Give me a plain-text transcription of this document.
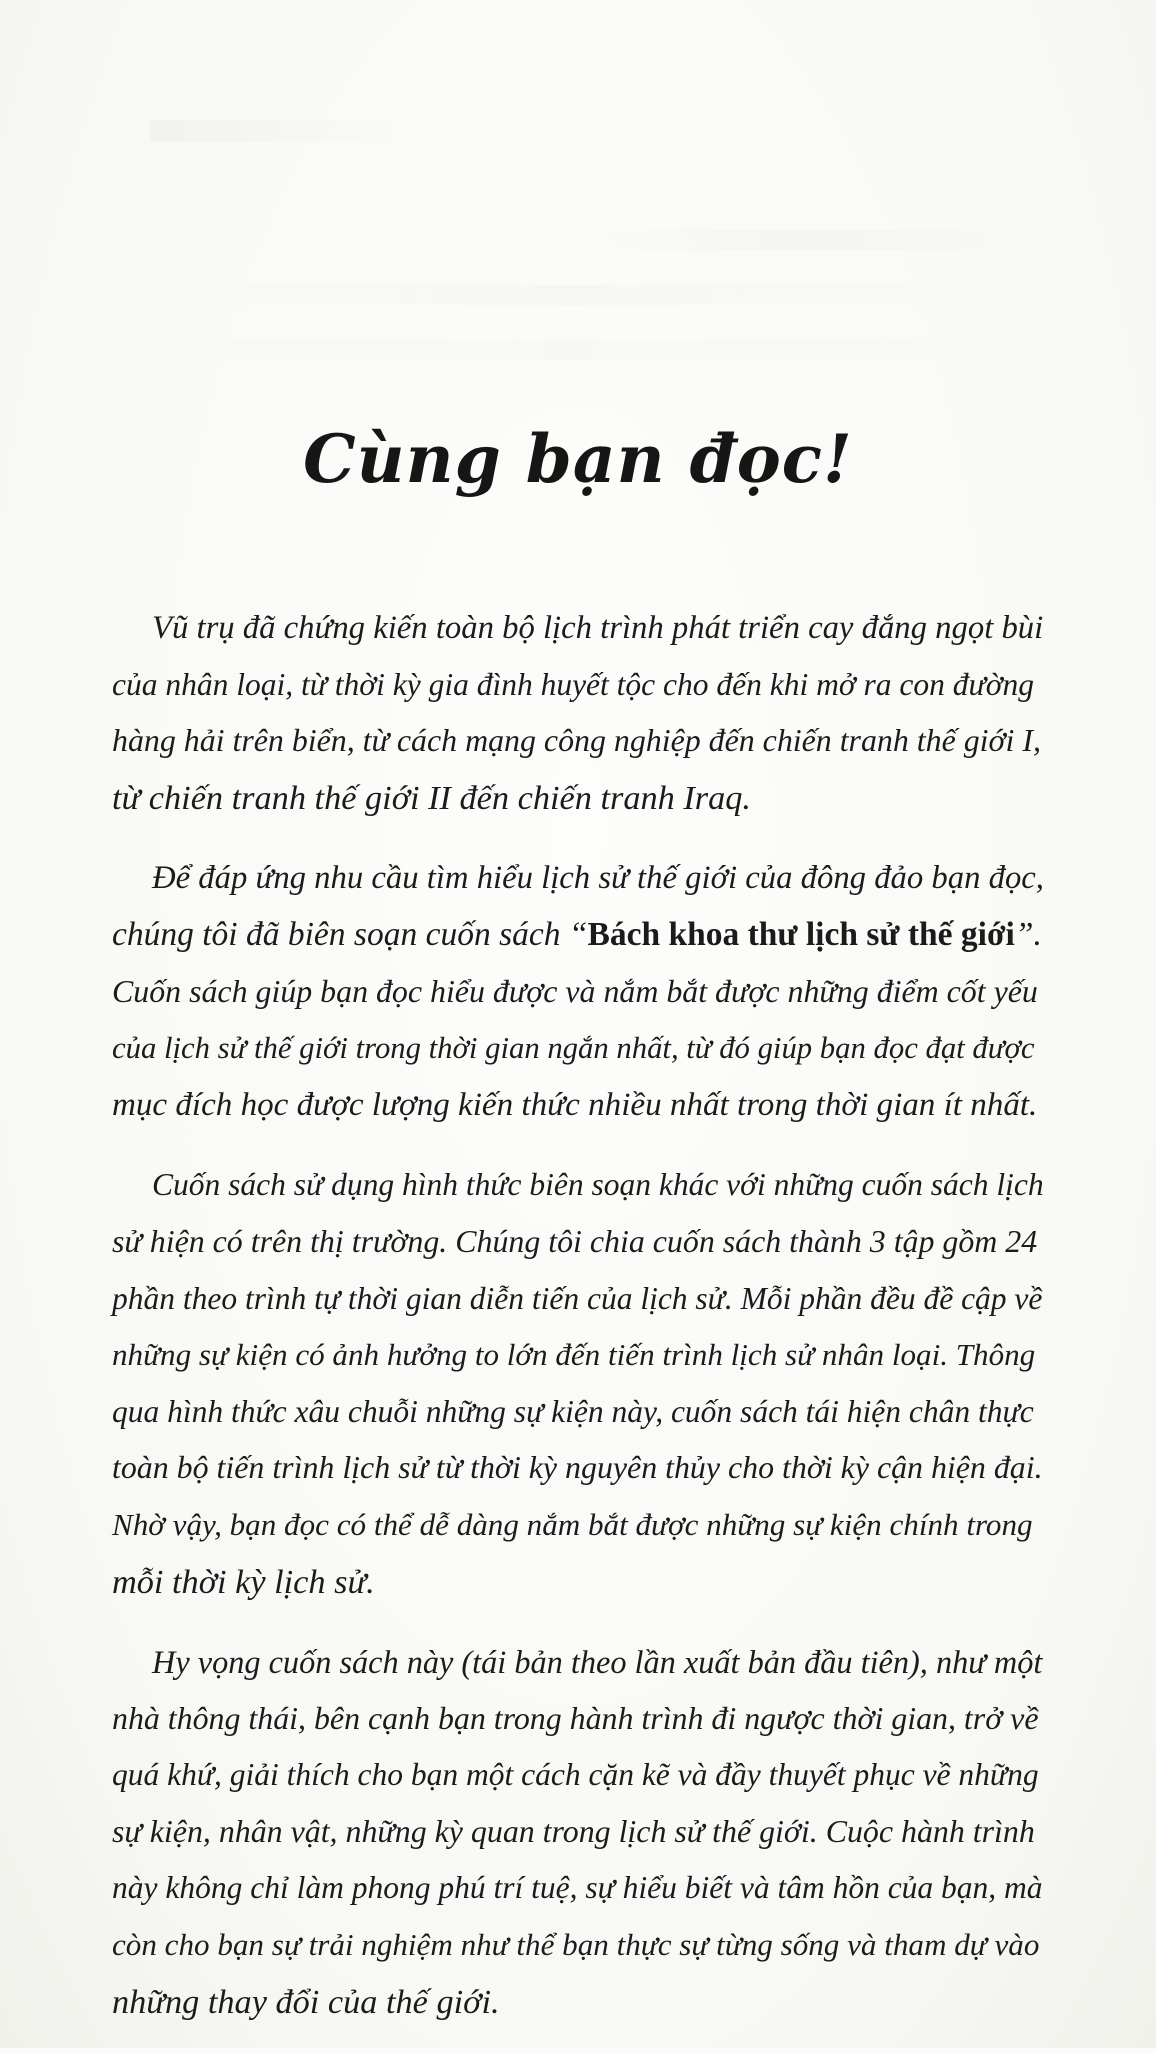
Cùng bạn đọc!

Vũ trụ đã chứng kiến toàn bộ lịch trình phát triển cay đắng ngọt bùi
của nhân loại, từ thời kỳ gia đình huyết tộc cho đến khi mở ra con đường
hàng hải trên biển, từ cách mạng công nghiệp đến chiến tranh thế giới I,
từ chiến tranh thế giới II đến chiến tranh Iraq.

Để đáp ứng nhu cầu tìm hiểu lịch sử thế giới của đông đảo bạn đọc,
chúng tôi đã biên soạn cuốn sách “Bách khoa thư lịch sử thế giới”.
Cuốn sách giúp bạn đọc hiểu được và nắm bắt được những điểm cốt yếu
của lịch sử thế giới trong thời gian ngắn nhất, từ đó giúp bạn đọc đạt được
mục đích học được lượng kiến thức nhiều nhất trong thời gian ít nhất.

Cuốn sách sử dụng hình thức biên soạn khác với những cuốn sách lịch
sử hiện có trên thị trường. Chúng tôi chia cuốn sách thành 3 tập gồm 24
phần theo trình tự thời gian diễn tiến của lịch sử. Mỗi phần đều đề cập về
những sự kiện có ảnh hưởng to lớn đến tiến trình lịch sử nhân loại. Thông
qua hình thức xâu chuỗi những sự kiện này, cuốn sách tái hiện chân thực
toàn bộ tiến trình lịch sử từ thời kỳ nguyên thủy cho thời kỳ cận hiện đại.
Nhờ vậy, bạn đọc có thể dễ dàng nắm bắt được những sự kiện chính trong
mỗi thời kỳ lịch sử.

Hy vọng cuốn sách này (tái bản theo lần xuất bản đầu tiên), như một
nhà thông thái, bên cạnh bạn trong hành trình đi ngược thời gian, trở về
quá khứ, giải thích cho bạn một cách cặn kẽ và đầy thuyết phục về những
sự kiện, nhân vật, những kỳ quan trong lịch sử thế giới. Cuộc hành trình
này không chỉ làm phong phú trí tuệ, sự hiểu biết và tâm hồn của bạn, mà
còn cho bạn sự trải nghiệm như thể bạn thực sự từng sống và tham dự vào
những thay đổi của thế giới.
